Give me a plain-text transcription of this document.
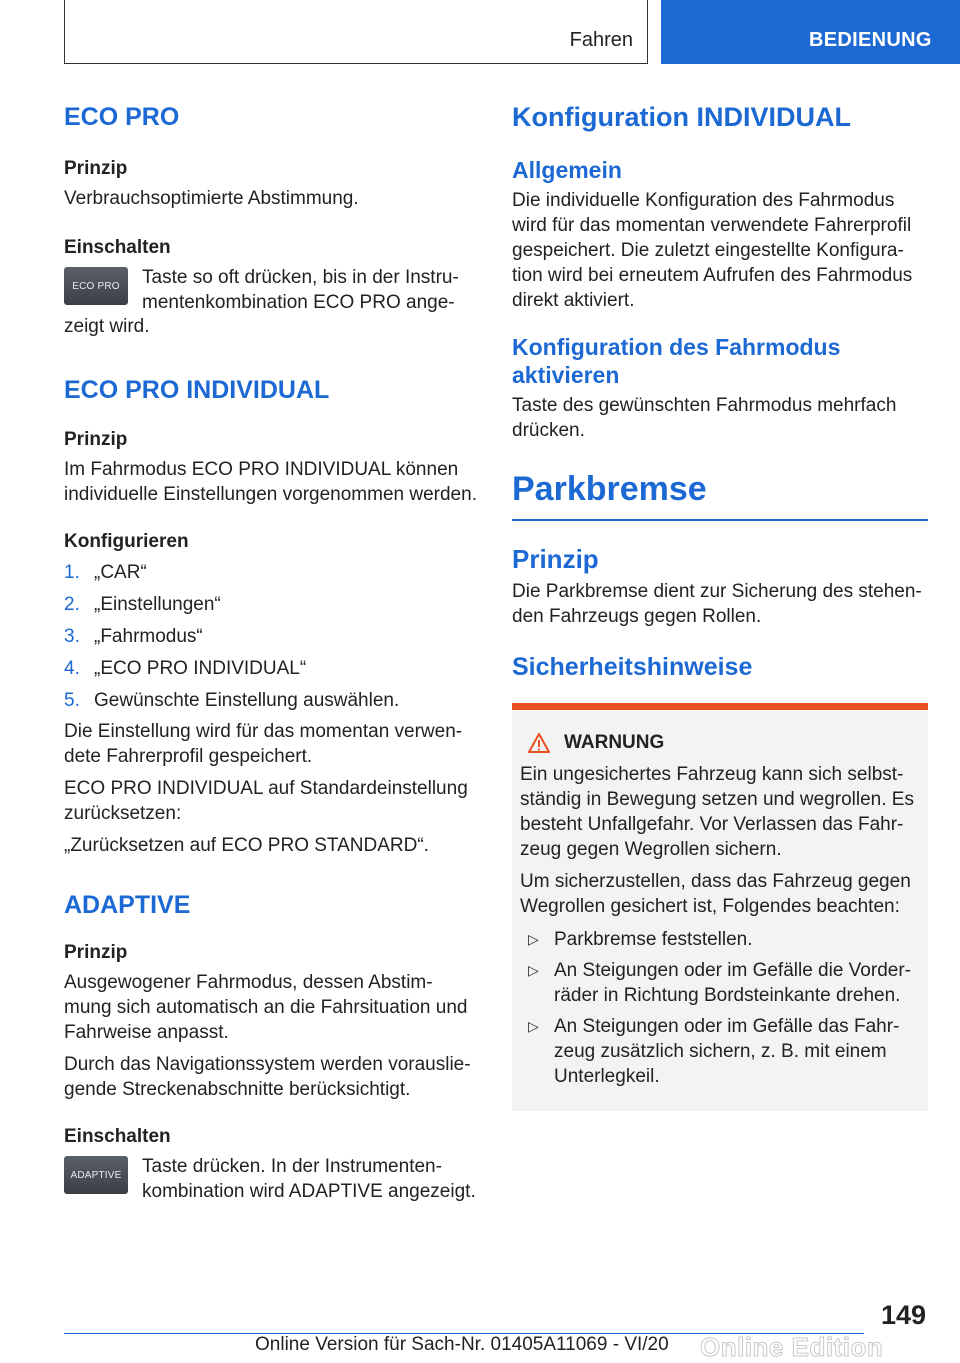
Fahren	BEDIENUNG
ECO PRO
Prinzip

Verbrauchsoptimierte Abstimmung.

Einschalten
ECO PRO	Taste so oft drücken, bis in der Instru-
mentenkombination ECO PRO ange-
zeigt wird.
ECO PRO INDIVIDUAL
Prinzip

Im Fahrmodus ECO PRO INDIVIDUAL können individuelle Einstellungen vorgenommen werden.

Konfigurieren
1. „CAR“
2. „Einstellungen“
3. „Fahrmodus“
4. „ECO PRO INDIVIDUAL“
5. Gewünschte Einstellung auswählen.

Die Einstellung wird für das momentan verwen-dete Fahrerprofil gespeichert.

ECO PRO INDIVIDUAL auf Standardeinstellung zurücksetzen:

„Zurücksetzen auf ECO PRO STANDARD“.

ADAPTIVE
Prinzip

Ausgewogener Fahrmodus, dessen Abstim-mung sich automatisch an die Fahrsituation und Fahrweise anpasst.

Durch das Navigationssystem werden vorauslie-gende Streckenabschnitte berücksichtigt.

Einschalten
ADAPTIVE	Taste drücken. In der Instrumenten-
kombination wird ADAPTIVE angezeigt.
Konfiguration INDIVIDUAL
Allgemein

Die individuelle Konfiguration des Fahrmodus wird für das momentan verwendete Fahrerprofil gespeichert. Die zuletzt eingestellte Konfigura-tion wird bei erneutem Aufrufen des Fahrmodus direkt aktiviert.

Konfiguration des Fahrmodus aktivieren

Taste des gewünschten Fahrmodus mehrfach drücken.

Parkbremse
Prinzip

Die Parkbremse dient zur Sicherung des stehen-den Fahrzeugs gegen Rollen.

Sicherheitshinweise
WARNUNG

Ein ungesichertes Fahrzeug kann sich selbst-ständig in Bewegung setzen und wegrollen. Es besteht Unfallgefahr. Vor Verlassen das Fahr-zeug gegen Wegrollen sichern.

Um sicherzustellen, dass das Fahrzeug gegen Wegrollen gesichert ist, Folgendes beachten:

▷ Parkbremse feststellen.
▷ An Steigungen oder im Gefälle die Vorder-räder in Richtung Bordsteinkante drehen.
▷ An Steigungen oder im Gefälle das Fahr-zeug zusätzlich sichern, z. B. mit einem Unterlegkeil.
149
Online Edition
Online Version für Sach-Nr. 01405A11069 - VI/20
